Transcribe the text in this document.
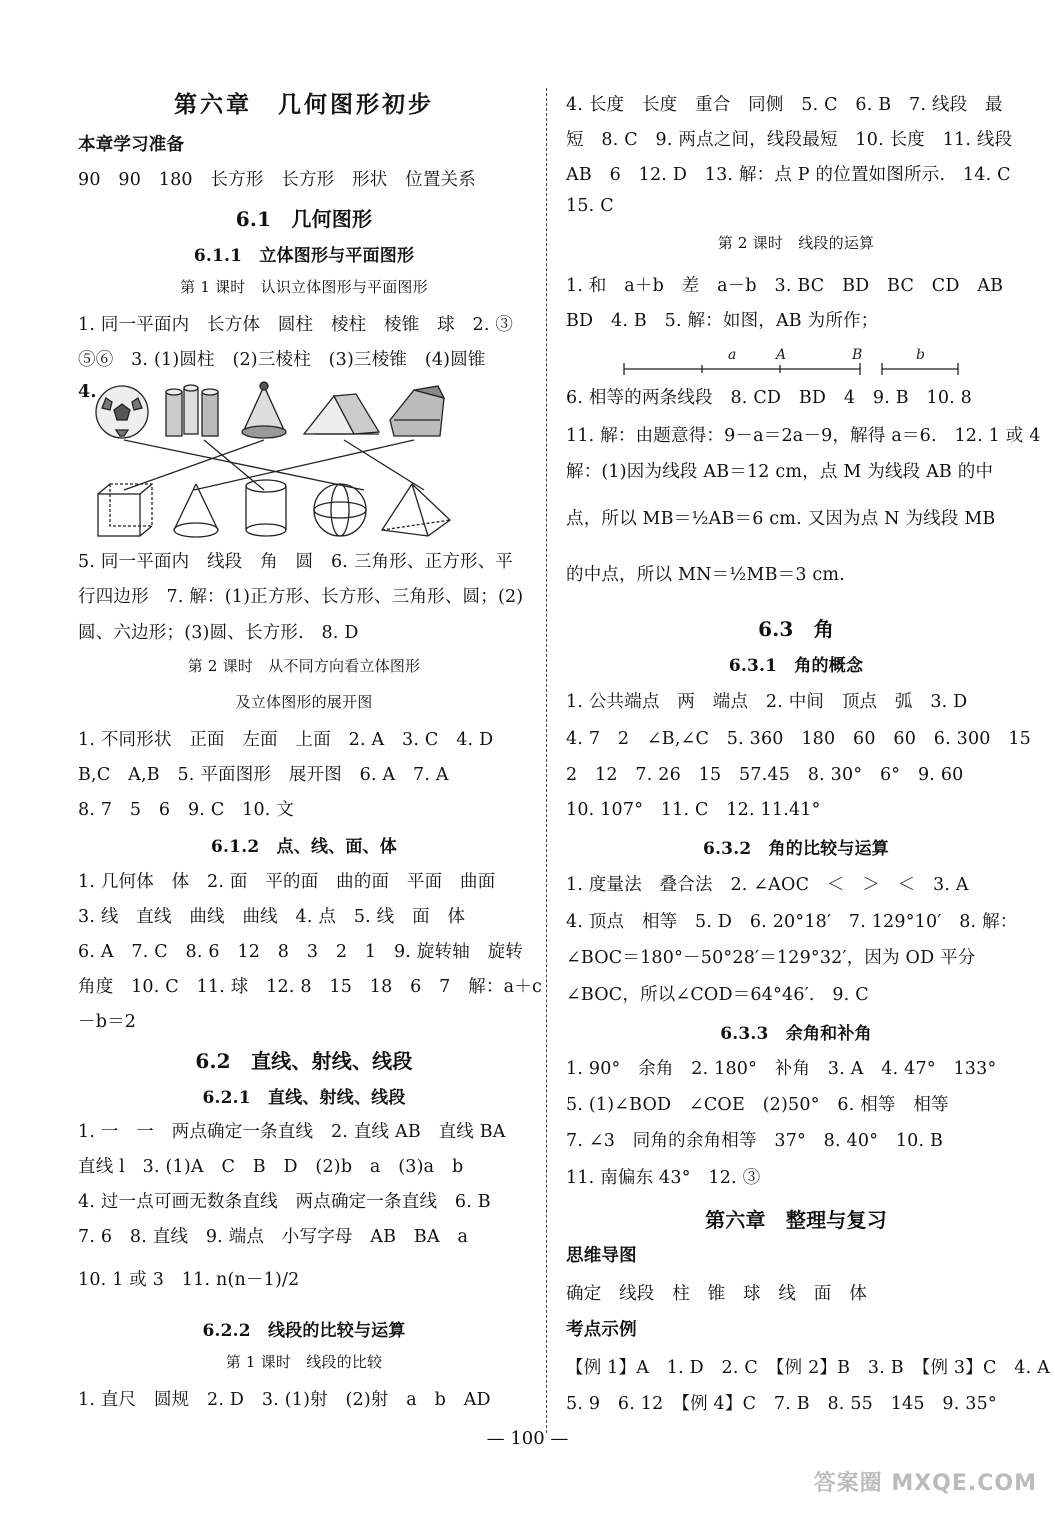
第六章　几何图形初步
本章学习准备
90　90　180　长方形　长方形　形状　位置关系
6.1　几何图形
6.1.1　立体图形与平面图形
第 1 课时　认识立体图形与平面图形
1. 同一平面内　长方体　圆柱　棱柱　棱锥　球　2. ③
⑤⑥　3. (1)圆柱　(2)三棱柱　(3)三棱锥　(4)圆锥
4.
5. 同一平面内　线段　角　圆　6. 三角形、正方形、平
行四边形　7. 解：(1)正方形、长方形、三角形、圆；(2)
圆、六边形；(3)圆、长方形.　8. D
第 2 课时　从不同方向看立体图形
及立体图形的展开图
1. 不同形状　正面　左面　上面　2. A　3. C　4. D
B,C　A,B　5. 平面图形　展开图　6. A　7. A
8. 7　5　6　9. C　10. 文
6.1.2　点、线、面、体
1. 几何体　体　2. 面　平的面　曲的面　平面　曲面
3. 线　直线　曲线　曲线　4. 点　5. 线　面　体
6. A　7. C　8. 6　12　8　3　2　1　9. 旋转轴　旋转
角度　10. C　11. 球　12. 8　15　18　6　7　解：a＋c
－b＝2
6.2　直线、射线、线段
6.2.1　直线、射线、线段
1. 一　一　两点确定一条直线　2. 直线 AB　直线 BA
直线 l　3. (1)A　C　B　D　(2)b　a　(3)a　b
4. 过一点可画无数条直线　两点确定一条直线　6. B
7. 6　8. 直线　9. 端点　小写字母　AB　BA　a
10. 1 或 3　11. n(n－1)/2
6.2.2　线段的比较与运算
第 1 课时　线段的比较
1. 直尺　圆规　2. D　3. (1)射　(2)射　a　b　AD
4. 长度　长度　重合　同侧　5. C　6. B　7. 线段　最
短　8. C　9. 两点之间，线段最短　10. 长度　11. 线段
AB　6　12. D　13. 解：点 P 的位置如图所示.　14. C
15. C
第 2 课时　线段的运算
1. 和　a＋b　差　a－b　3. BC　BD　BC　CD　AB
BD　4. B　5. 解：如图，AB 为所作；
6. 相等的两条线段　8. CD　BD　4　9. B　10. 8
11. 解：由题意得：9－a＝2a－9，解得 a＝6.　12. 1 或 4
解：(1)因为线段 AB＝12 cm，点 M 为线段 AB 的中
点，所以 MB＝½AB＝6 cm. 又因为点 N 为线段 MB
的中点，所以 MN＝½MB＝3 cm.
6.3　角
6.3.1　角的概念
1. 公共端点　两　端点　2. 中间　顶点　弧　3. D
4. 7　2　∠B,∠C　5. 360　180　60　60　6. 300　15
2　12　7. 26　15　57.45　8. 30°　6°　9. 60
10. 107°　11. C　12. 11.41°
6.3.2　角的比较与运算
1. 度量法　叠合法　2. ∠AOC　＜　＞　＜　3. A
4. 顶点　相等　5. D　6. 20°18′　7. 129°10′　8. 解：
∠BOC＝180°－50°28′＝129°32′，因为 OD 平分
∠BOC，所以∠COD＝64°46′.　9. C
6.3.3　余角和补角
1. 90°　余角　2. 180°　补角　3. A　4. 47°　133°
5. (1)∠BOD　∠COE　(2)50°　6. 相等　相等
7. ∠3　同角的余角相等　37°　8. 40°　10. B
11. 南偏东 43°　12. ③
第六章　整理与复习
思维导图
确定　线段　柱　锥　球　线　面　体
考点示例
【例 1】A　1. D　2. C　【例 2】B　3. B　【例 3】C　4. A
5. 9　6. 12　【例 4】C　7. B　8. 55　145　9. 35°
a	A	B	b
— 100 —
答案圈 MXQE.COM
